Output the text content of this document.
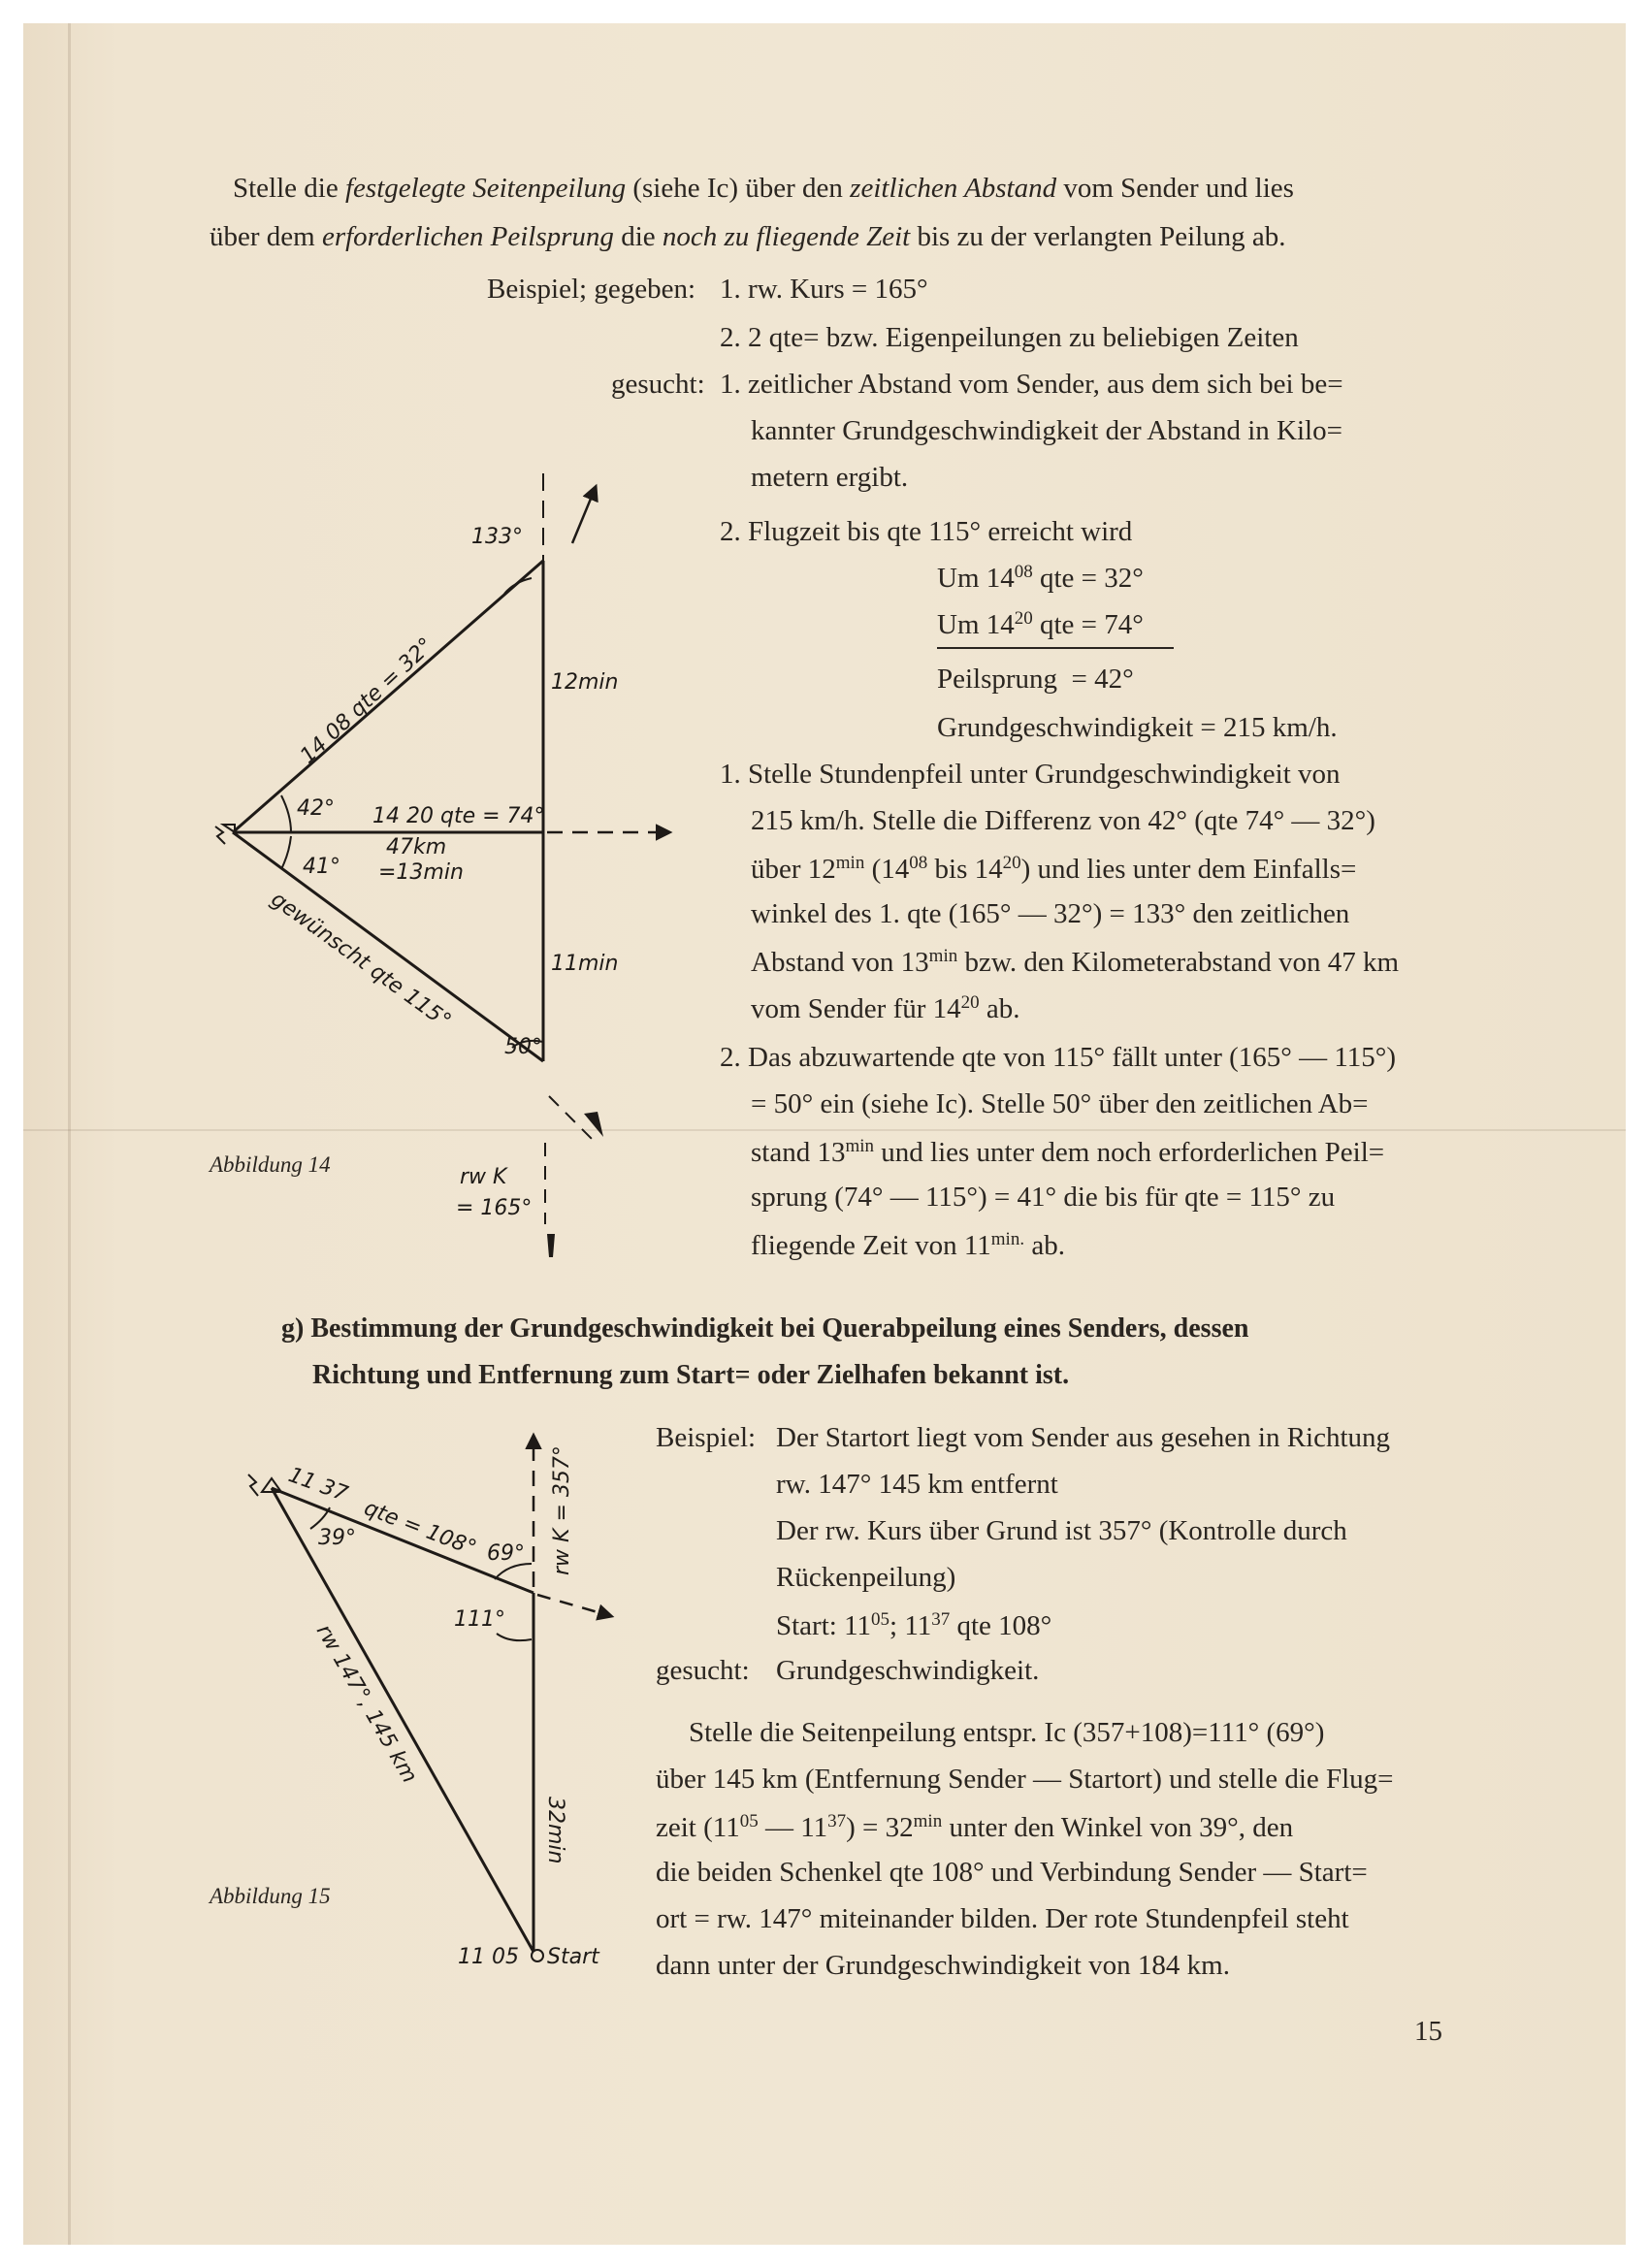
Stelle die festgelegte Seitenpeilung (siehe Ic) über den zeitlichen Abstand vom Sender und lies
über dem erforderlichen Peilsprung die noch zu fliegende Zeit bis zu der verlangten Peilung ab.
Beispiel; gegeben: 1. rw. Kurs = 165°
2. 2 qte= bzw. Eigenpeilungen zu beliebigen Zeiten
gesucht: 1. zeitlicher Abstand vom Sender, aus dem sich bei be=
kannter Grundgeschwindigkeit der Abstand in Kilo=
metern ergibt.
2. Flugzeit bis qte 115° erreicht wird
Um $14^{08}$ qte = 32°
Um $14^{20}$ qte = 74°
Peilsprung  = 42°
Grundgeschwindigkeit = 215 km/h.
1. Stelle Stundenpfeil unter Grundgeschwindigkeit von
215 km/h. Stelle die Differenz von 42° (qte 74° — 32°)
über $12^{min}$ ($14^{08}$ bis $14^{20}$) und lies unter dem Einfalls=
winkel des 1. qte (165° — 32°) = 133° den zeitlichen
Abstand von $13^{min}$ bzw. den Kilometerabstand von 47 km
vom Sender für $14^{20}$ ab.
2. Das abzuwartende qte von 115° fällt unter (165° — 115°)
= 50° ein (siehe Ic). Stelle 50° über den zeitlichen Ab=
stand $13^{min}$ und lies unter dem noch erforderlichen Peil=
sprung (74° — 115°) = 41° die bis für qte = 115° zu
fliegende Zeit von $11^{min.}$ ab.
Abbildung 14
g) Bestimmung der Grundgeschwindigkeit bei Querabpeilung eines Senders, dessen
Richtung und Entfernung zum Start= oder Zielhafen bekannt ist.
Beispiel: Der Startort liegt vom Sender aus gesehen in Richtung
rw. 147° 145 km entfernt
Der rw. Kurs über Grund ist 357° (Kontrolle durch
Rückenpeilung)
Start: $11^{05}$; $11^{37}$ qte 108°
gesucht: Grundgeschwindigkeit.
Stelle die Seitenpeilung entspr. Ic (357+108)=111° (69°)
über 145 km (Entfernung Sender — Startort) und stelle die Flug=
zeit ($11^{05}$ — $11^{37}) = 32^{min}$ unter den Winkel von 39°, den
die beiden Schenkel qte 108° und Verbindung Sender — Start=
ort = rw. 147° miteinander bilden. Der rote Stundenpfeil steht
dann unter der Grundgeschwindigkeit von 184 km.
Abbildung 15
15
133°
14 08 qte = 32°	12min
42° 14 20 qte = 74°
47km
=13min
41°
gewünscht qte 115°	11min
50°
rw K
= 165°
11 37
qte = 108°
39°
69° rw K = 357°
111°
rw 147°, 145 km
32min
11 05 Start
